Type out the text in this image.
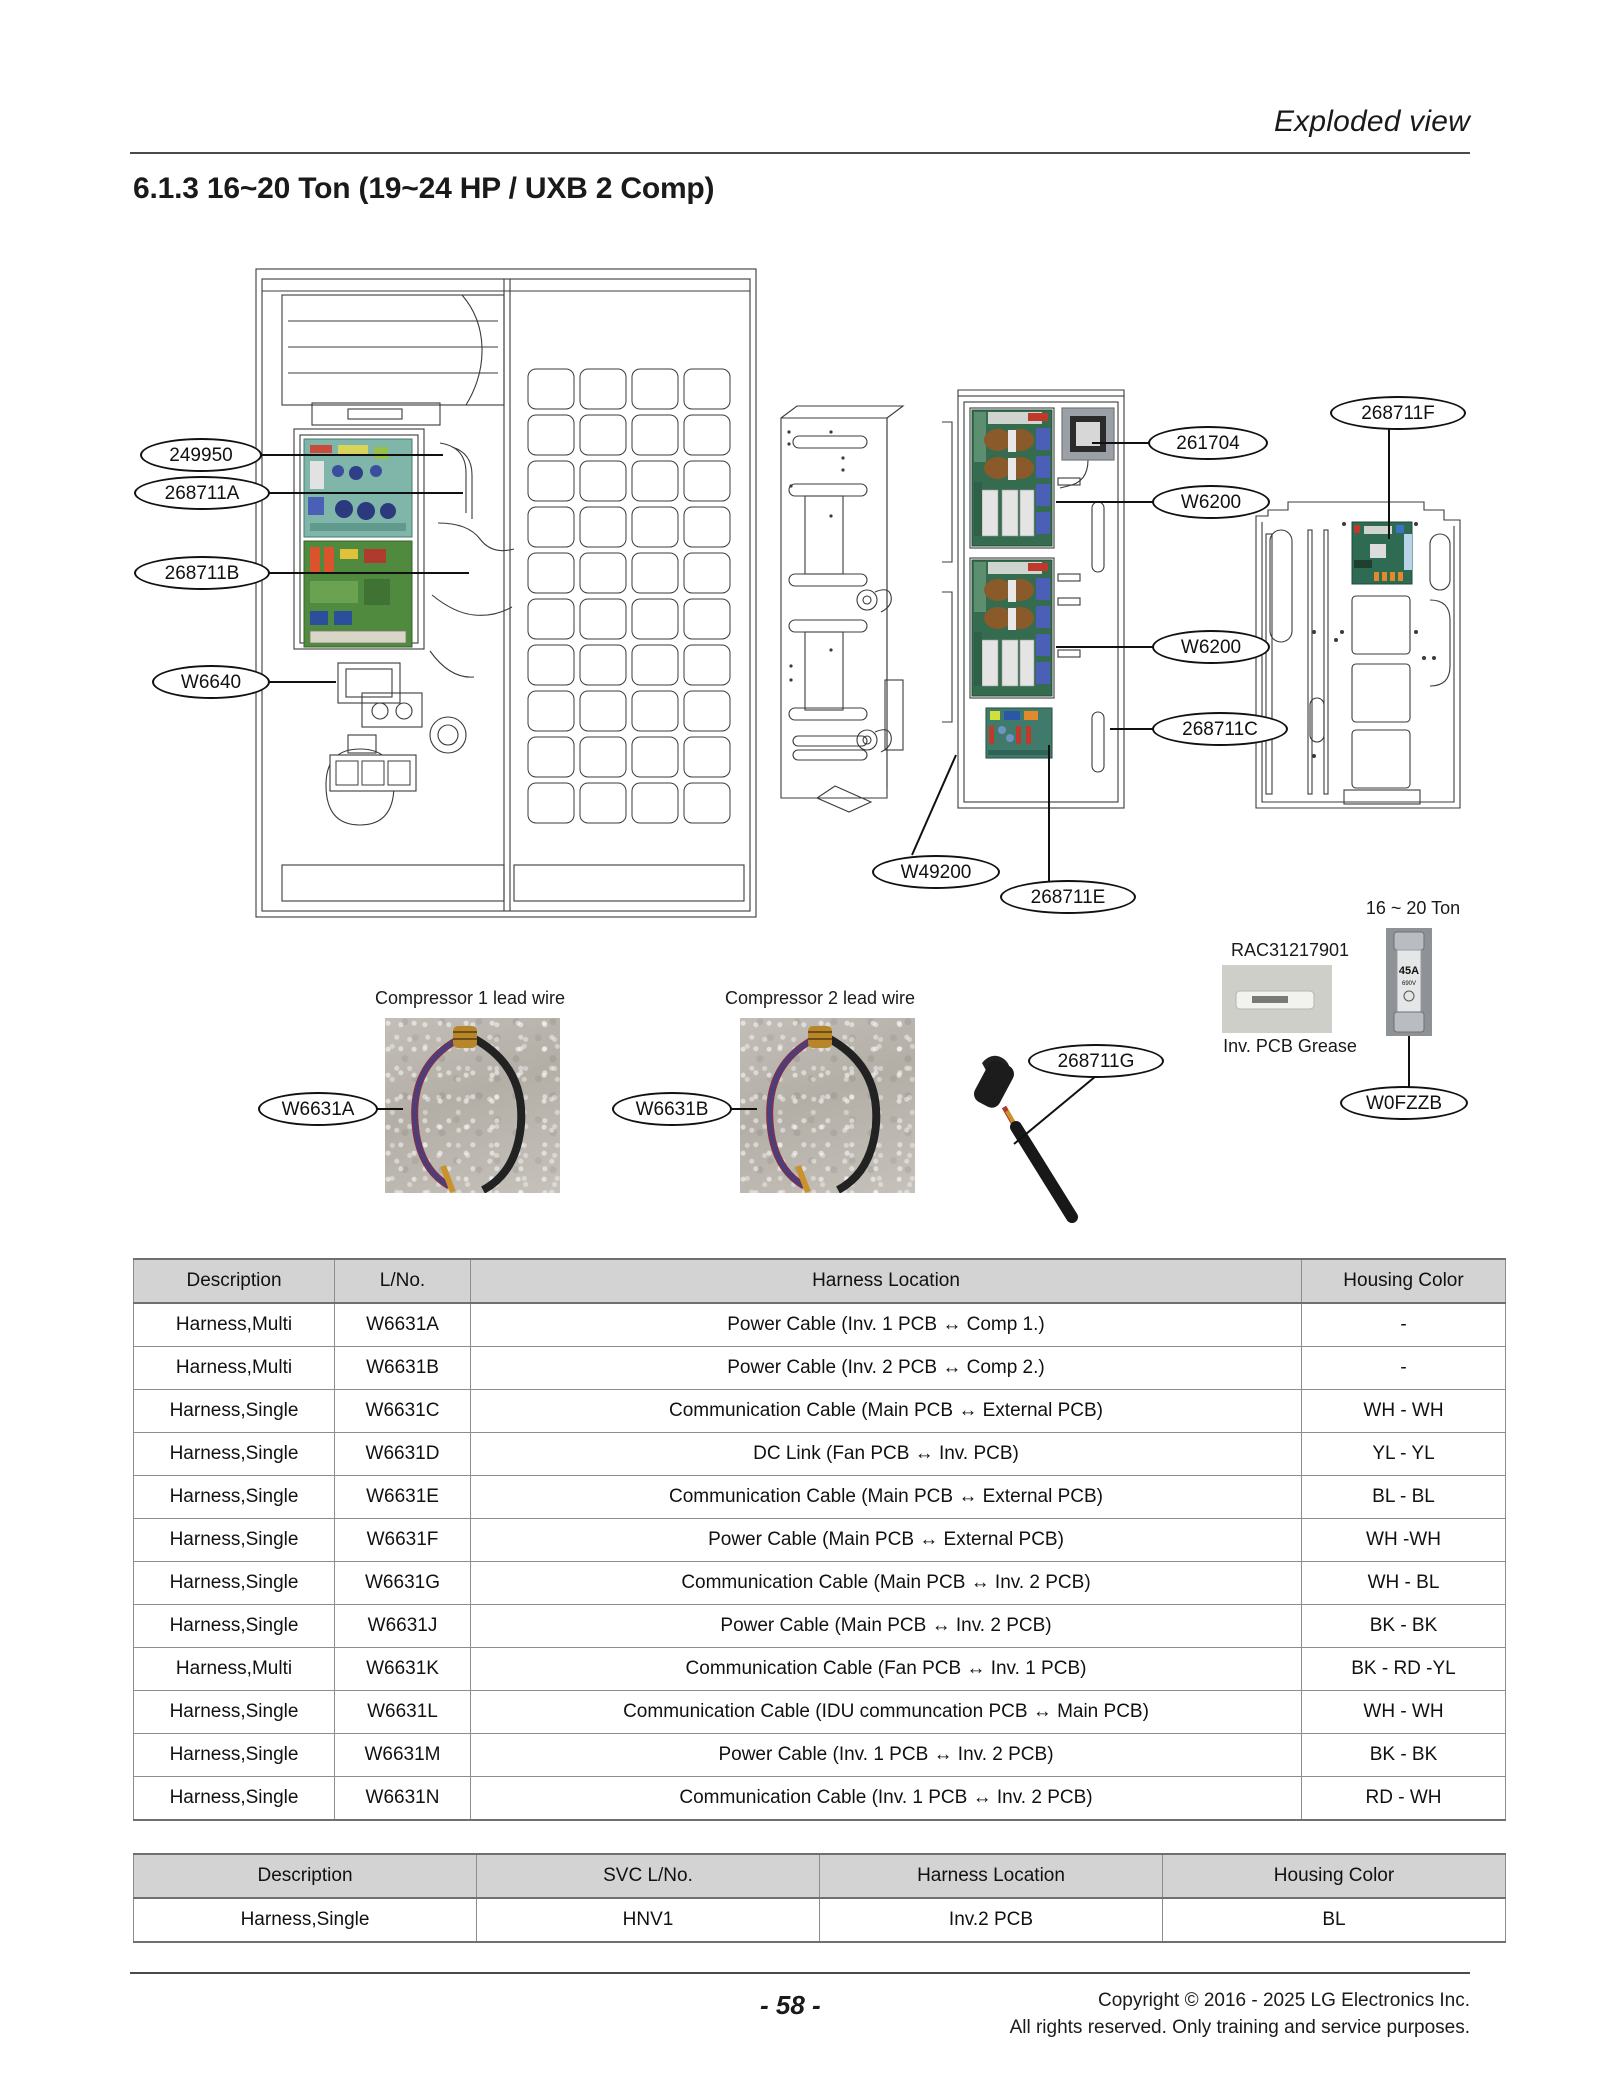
Exploded view
6.1.3 16~20 Ton (19~24 HP / UXB 2 Comp)
249950
268711A
268711B
W6640
261704
W6200
W6200
268711C
268711E
W49200
268711F
Compressor 1 lead wire
W6631A
Compressor 2 lead wire
W6631B
268711G
RAC31217901
Inv. PCB Grease
16 ~ 20 Ton
45A
690V
W0FZZB
Description	L/No.	Harness Location	Housing Color
Harness,Multi	W6631A	Power Cable (Inv. 1 PCB ↔ Comp 1.)	-
Harness,Multi	W6631B	Power Cable (Inv. 2 PCB ↔ Comp 2.)	-
Harness,Single	W6631C	Communication Cable (Main PCB ↔ External PCB)	WH - WH
Harness,Single	W6631D	DC Link (Fan PCB ↔ Inv. PCB)	YL - YL
Harness,Single	W6631E	Communication Cable (Main PCB ↔ External PCB)	BL - BL
Harness,Single	W6631F	Power Cable (Main PCB ↔ External PCB)	WH -WH
Harness,Single	W6631G	Communication Cable (Main PCB ↔ Inv. 2 PCB)	WH - BL
Harness,Single	W6631J	Power Cable (Main PCB ↔ Inv. 2 PCB)	BK - BK
Harness,Multi	W6631K	Communication Cable (Fan PCB ↔ Inv. 1 PCB)	BK - RD -YL
Harness,Single	W6631L	Communication Cable (IDU communcation PCB ↔ Main PCB)	WH - WH
Harness,Single	W6631M	Power Cable (Inv. 1 PCB ↔ Inv. 2 PCB)	BK - BK
Harness,Single	W6631N	Communication Cable (Inv. 1 PCB ↔ Inv. 2 PCB)	RD - WH
Description	SVC L/No.	Harness Location	Housing Color
Harness,Single	HNV1	Inv.2 PCB	BL
- 58 -	Copyright © 2016 - 2025 LG Electronics Inc.
All rights reserved. Only training and service purposes.
